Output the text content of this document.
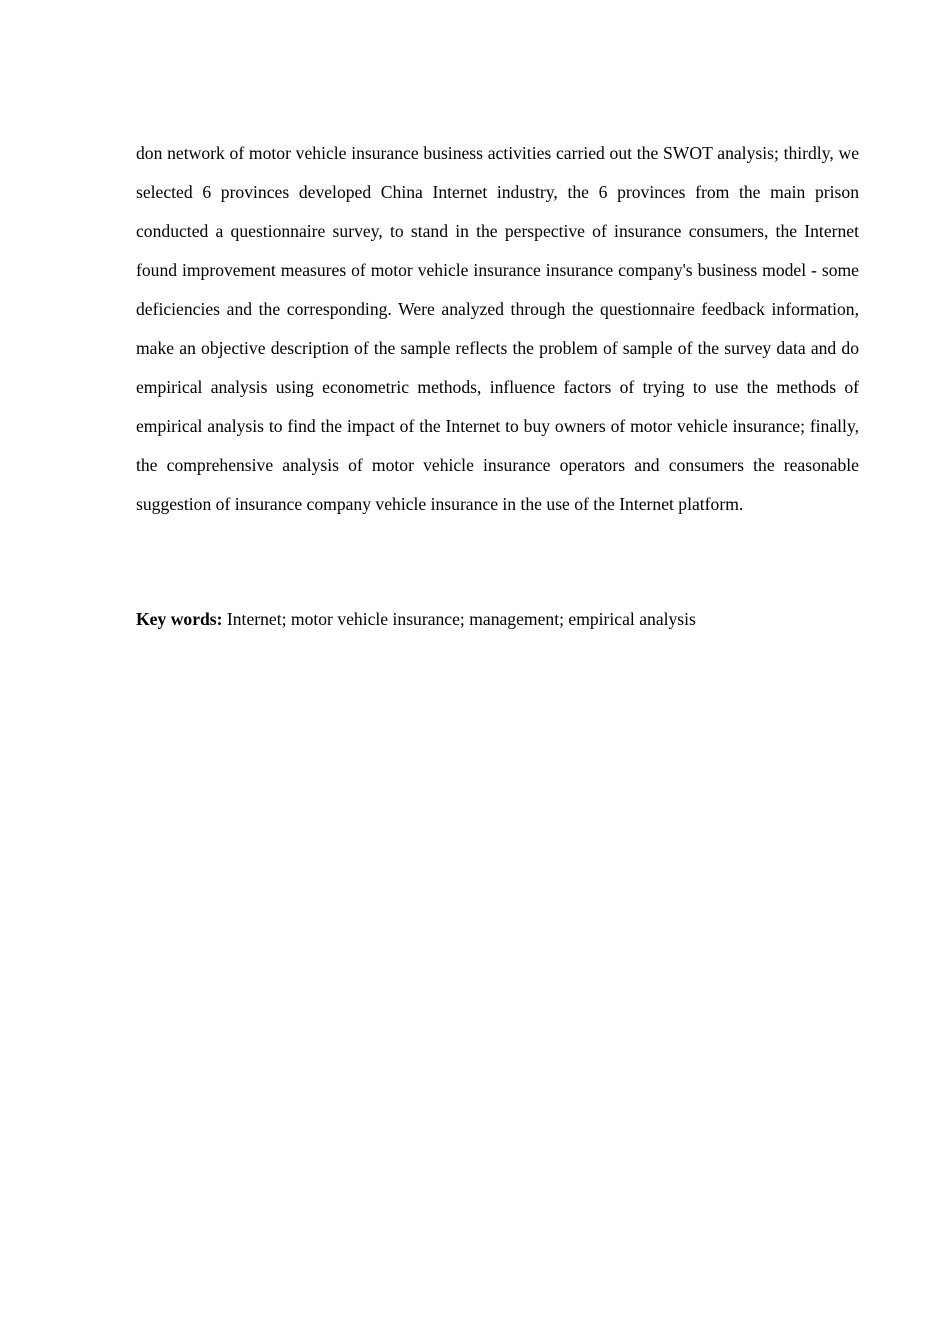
don network of motor vehicle insurance business activities carried out the SWOT analysis; thirdly, we selected 6 provinces developed China Internet industry, the 6 provinces from the main prison conducted a questionnaire survey, to stand in the perspective of insurance consumers, the Internet found improvement measures of motor vehicle insurance insurance company's business model - some deficiencies and the corresponding. Were analyzed through the questionnaire feedback information, make an objective description of the sample reflects the problem of sample of the survey data and do empirical analysis using econometric methods, influence factors of trying to use the methods of empirical analysis to find the impact of the Internet to buy owners of motor vehicle insurance; finally, the comprehensive analysis of motor vehicle insurance operators and consumers the reasonable suggestion of insurance company vehicle insurance in the use of the Internet platform.

Key words: Internet; motor vehicle insurance; management; empirical analysis
